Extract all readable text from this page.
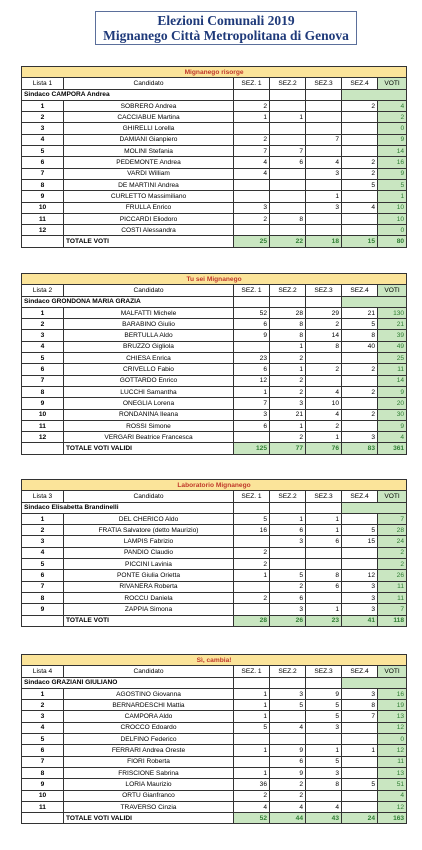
Elezioni Comunali 2019
Mignanego Città Metropolitana di Genova
Mignanego risorge						
Lista 1	Candidato	SEZ. 1	SEZ.2	SEZ.3	SEZ.4	VOTI
Sindaco CAMPORA Andrea						
1	SOBRERO Andrea	2			2	4
2	CACCIABUE Martina	1	1			2
3	GHIRELLI Lorella					0
4	DAMIANI Gianpiero	2		7		9
5	MOLINI Stefania	7	7			14
6	PEDEMONTE Andrea	4	6	4	2	16
7	VARDI William	4		3	2	9
8	DE MARTINI Andrea				5	5
9	CURLETTO Massimiliano			1		1
10	FRULLA Enrico	3		3	4	10
11	PICCARDI Eliodoro	2	8			10
12	COSTI Alessandra					0
	TOTALE VOTI	25	22	18	15	80
Tu sei Mignanego						
Lista 2	Candidato	SEZ. 1	SEZ.2	SEZ.3	SEZ.4	VOTI
Sindaco GRONDONA MARIA GRAZIA						
1	MALFATTI Michele	52	28	29	21	130
2	BARABINO Giulio	6	8	2	5	21
3	BERTULLA Aldo	9	8	14	8	39
4	BRUZZO Gigliola		1	8	40	49
5	CHIESA Enrica	23	2			25
6	CRIVELLO Fabio	6	1	2	2	11
7	GOTTARDO Enrico	12	2			14
8	LUCCHI Samantha	1	2	4	2	9
9	ONEGLIA Lorena	7	3	10		20
10	RONDANINA Ileana	3	21	4	2	30
11	ROSSI Simone	6	1	2		9
12	VERGARI Beatrice Francesca		2	1	3	4
	TOTALE VOTI VALIDI	125	77	76	83	361
Laboratorio Mignanego						
Lista 3	Candidato	SEZ. 1	SEZ.2	SEZ.3	SEZ.4	VOTI
Sindaco Elisabetta Brandinelli						
1	DEL CHERICO Aldo	5	1	1		7
2	FRATIA Salvatore (detto Maurizio)	16	6	1	5	28
3	LAMPIS Fabrizio		3	6	15	24
4	PANDIO Claudio	2				2
5	PICCINI Lavinia	2				2
6	PONTE Giulia Orietta	1	5	8	12	26
7	RIVANERA Roberta		2	6	3	11
8	ROCCU Daniela	2	6		3	11
9	ZAPPIA Simona		3	1	3	7
	TOTALE VOTI	28	26	23	41	118
Sì, cambia!						
Lista 4	Candidato	SEZ. 1	SEZ.2	SEZ.3	SEZ.4	VOTI
Sindaco GRAZIANI GIULIANO						
1	AGOSTINO Giovanna	1	3	9	3	16
2	BERNARDESCHI Mattia	1	5	5	8	19
3	CAMPORA Aldo	1		5	7	13
4	CROCCO Edoardo	5	4	3		12
5	DELFINO Federico					0
6	FERRARI Andrea Oreste	1	9	1	1	12
7	FIORI Roberta		6	5		11
8	FRISCIONE Sabrina	1	9	3		13
9	LORIA Maurizio	36	2	8	5	51
10	ORTU Gianfranco	2	2			4
11	TRAVERSO Cinzia	4	4	4		12
	TOTALE VOTI VALIDI	52	44	43	24	163
